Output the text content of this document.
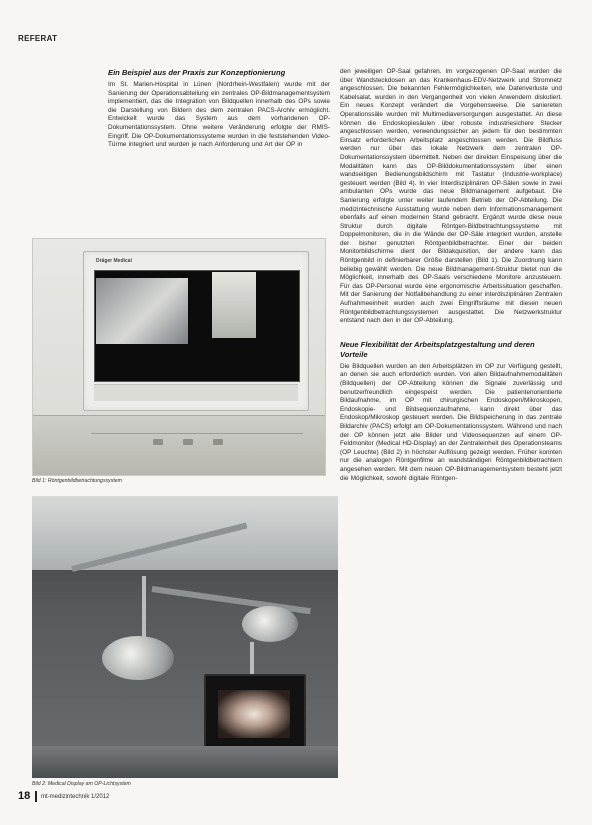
REFERAT
Ein Beispiel aus der Praxis zur Konzeptionierung

Im St. Marien-Hospital in Lünen (Nordrhein-Westfalen) wurde mit der Sanierung der Operationsabteilung ein zentrales OP-Bildmanagementsystem implementiert, das die Integration von Bildquellen innerhalb des OPs sowie die Darstellung von Bildern des dem zentralen PACS-Archiv ermöglicht. Entwickelt wurde das System aus dem vorhandenen OP-Dokumentationssystem. Ohne weitere Veränderung erfolgte der RMIS-Eingriff. Die OP-Dokumentationssysteme wurden in die feststehenden Video-Türme integriert und wurden je nach Anforderung und Art der OP in

den jeweiligen OP-Saal gefahren. Im vorgezogenen OP-Saal wurden die über Wandsteckdosen an das Krankenhaus-EDV-Netzwerk und Stromnetz angeschlossen. Die bekannten Fehlermöglichkeiten, wie Datenverluste und Kabelsalat, wurden in den Vergangenheit von vielen Anwendern diskutiert. Ein neues Konzept verändert die Vorgehensweise. Die saniereten Operationssäle wurden mit Multimediaversorgungen ausgestattet. An diese können die Endoskopiesäulen über robuste industriesichere Stecker angeschlossen werden, verwendungssicher an jedem für den bestimmten Einsatz erforderlichen Arbeitsplatz angeschlossen werden. Die Bildfluss werden nur über das lokale Netzwerk dem zentralen OP-Dokumentationssystem übermittelt. Neben der direkten Einspeisung über die Modalitäten kann das OP-Bilddokumentationssystem über einen wandseitigen Bedienungsbildschirm mit Tastatur (Industrie-workplace) gesteuert werden (Bild 4). In vier Interdisziplinären OP-Sälen sowie in zwei ambulanten OPs wurde das neue Bildmanagement aufgebaut. Die Sanierung erfolgte unter weiter laufendem Betrieb der OP-Abteilung. Die medizintechnische Ausstattung wurde neben dem Informationsmanagement ebenfalls auf einen modernen Stand gebracht. Ergänzt wurde diese neue Struktur durch digitale Röntgen-Bildbetrachtungssysteme mit Doppelmonitoren, die in die Wände der OP-Säle integriert wurden, anstelle der bisher genutzten Röntgenbildbetrachter. Einer der beiden Monitorbildschirme dient der Bildakquisition, der andere kann das Röntgenbild in definierbarer Größe darstellen (Bild 1). Die Zuordnung kann beliebig gewählt werden. Die neue Bildmanagement-Struktur bietet nun die Möglichkeit, innerhalb des OP-Saals verschiedene Monitore anzusteuern. Für das OP-Personal wurde eine ergonomische Arbeitssituation geschaffen. Mit der Sanierung der Notfallbehandlung zu einer interdisziplinären Zentralen Aufnahmeeinheit wurden auch zwei Eingriffsräume mit diesen neuen Röntgenbildbetrachtungssystemen ausgestattet. Die Netzwerkstruktur entstand nach den in der OP-Abteilung.

Neue Flexibilität der Arbeitsplatzgestaltung und deren Vorteile

Die Bildquellen wurden an den Arbeitsplätzen im OP zur Verfügung gestellt, an denen sie auch erforderlich wurden. Von allen Bildaufnahmemodalitäten (Bildquellen) der OP-Abteilung können die Signale zuverlässig und benutzerfreundlich eingespeist werden. Die patientenorientierte Bildaufnahme, im OP mit chirurgischen Endoskopen/Mikroskopen, Endoskopie- und Bildsequenzaufnahme, kann direkt über das Endoskop/Mikroskop gesteuert werden. Die Bildspeicherung in das zentrale Bildarchiv (PACS) erfolgt am OP-Dokumentationssystem. Während und nach der OP können jetzt alle Bilder und Videosequenzen auf einem OP-Feldmonitor (Medical HD-Display) an der Zentraleinheit des Operationsteams (OP Leuchte) (Bild 2) in höchster Auflösung gezeigt werden. Früher konnten nur die analogen Röntgenfilme an wandständigen Röntgenbildbetrachtern angesehen werden. Mit dem neuen OP-Bildmanagementsystem besteht jetzt die Möglichkeit, sowohl digitale Röntgen-

Dräger Medical
Bild 1: Röntgenbildbetrachtungssystem
Bild 2: Medical Display am OP-Lichtsystem
18 mt-medizintechnik 1/2012
